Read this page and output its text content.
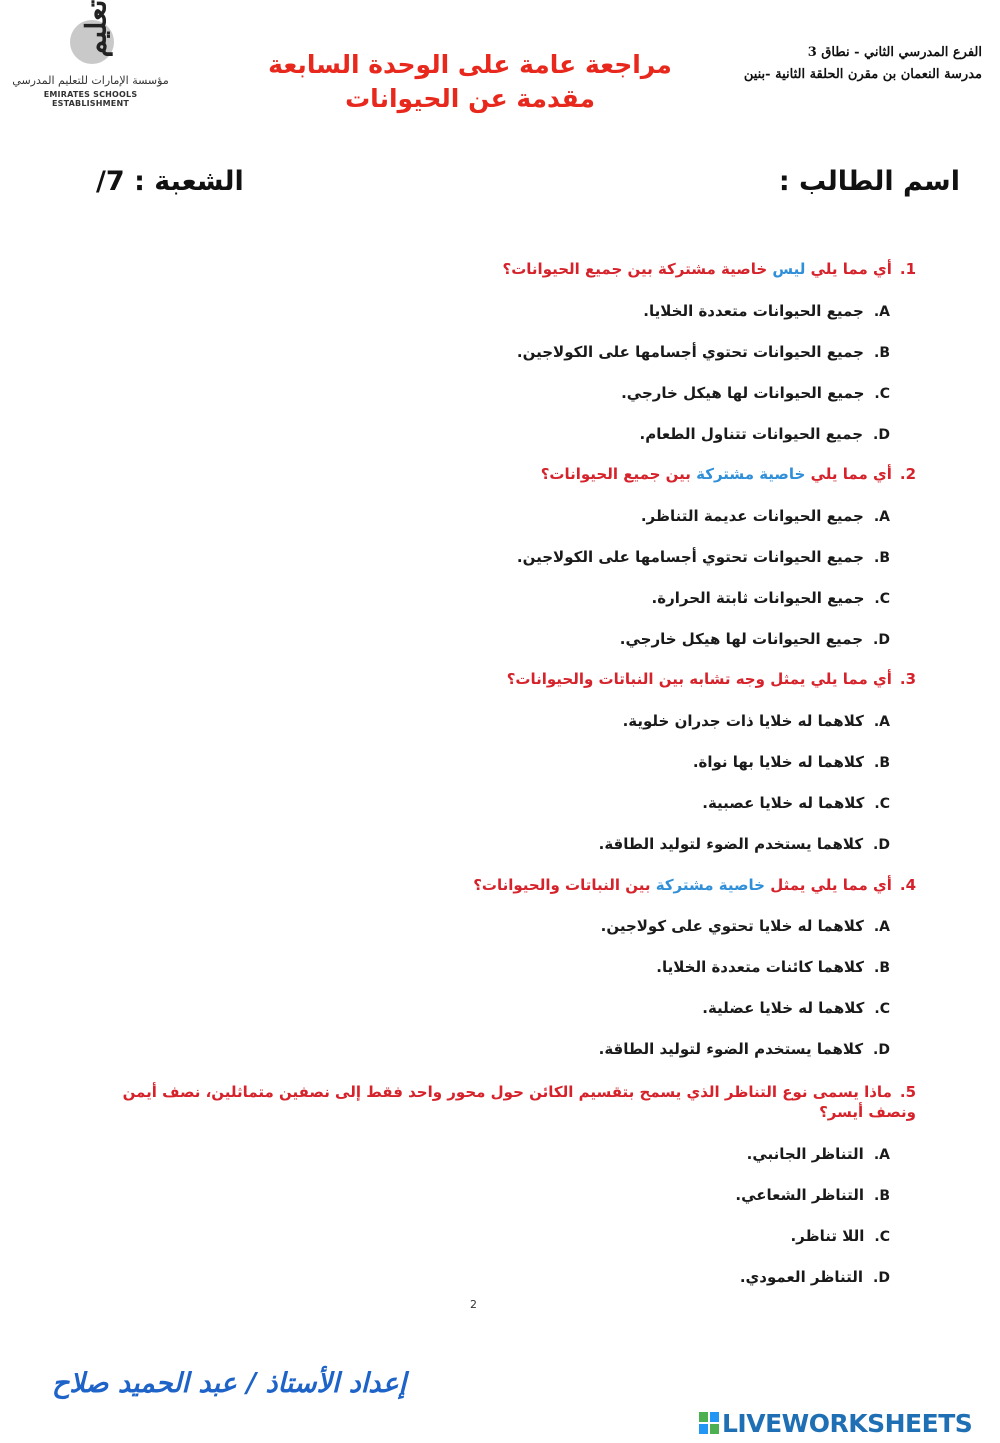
الفرع المدرسي الثاني - نطاق 3
مدرسة النعمان بن مقرن الحلقة الثانية -بنين
مراجعة عامة على الوحدة السابعة
مقدمة عن الحيوانات
تعليم
مؤسسة الإمارات للتعليم المدرسي
EMIRATES SCHOOLS ESTABLISHMENT
اسم الطالب :
الشعبة : 7/
1.أي مما يلي ليس خاصية مشتركة بين جميع الحيوانات؟
A.جميع الحيوانات متعددة الخلايا.
B.جميع الحيوانات تحتوي أجسامها على الكولاجين.
C.جميع الحيوانات لها هيكل خارجي.
D.جميع الحيوانات تتناول الطعام.
2.أي مما يلي خاصية مشتركة بين جميع الحيوانات؟
A.جميع الحيوانات عديمة التناظر.
B.جميع الحيوانات تحتوي أجسامها على الكولاجين.
C.جميع الحيوانات ثابتة الحرارة.
D.جميع الحيوانات لها هيكل خارجي.
3.أي مما يلي يمثل وجه تشابه بين النباتات والحيوانات؟
A.كلاهما له خلايا ذات جدران خلوية.
B.كلاهما له خلايا بها نواة.
C.كلاهما له خلايا عصبية.
D.كلاهما يستخدم الضوء لتوليد الطاقة.
4.أي مما يلي يمثل خاصية مشتركة بين النباتات والحيوانات؟
A.كلاهما له خلايا تحتوي على كولاجين.
B.كلاهما كائنات متعددة الخلايا.
C.كلاهما له خلايا عضلية.
D.كلاهما يستخدم الضوء لتوليد الطاقة.
5.ماذا يسمى نوع التناظر الذي يسمح بتقسيم الكائن حول محور واحد فقط إلى نصفين متماثلين، نصف أيمن ونصف أيسر؟
A.التناظر الجانبي.
B.التناظر الشعاعي.
C.اللا تناظر.
D.التناظر العمودي.
2
إعداد الأستاذ / عبد الحميد صلاح
LIVEWORKSHEETS
